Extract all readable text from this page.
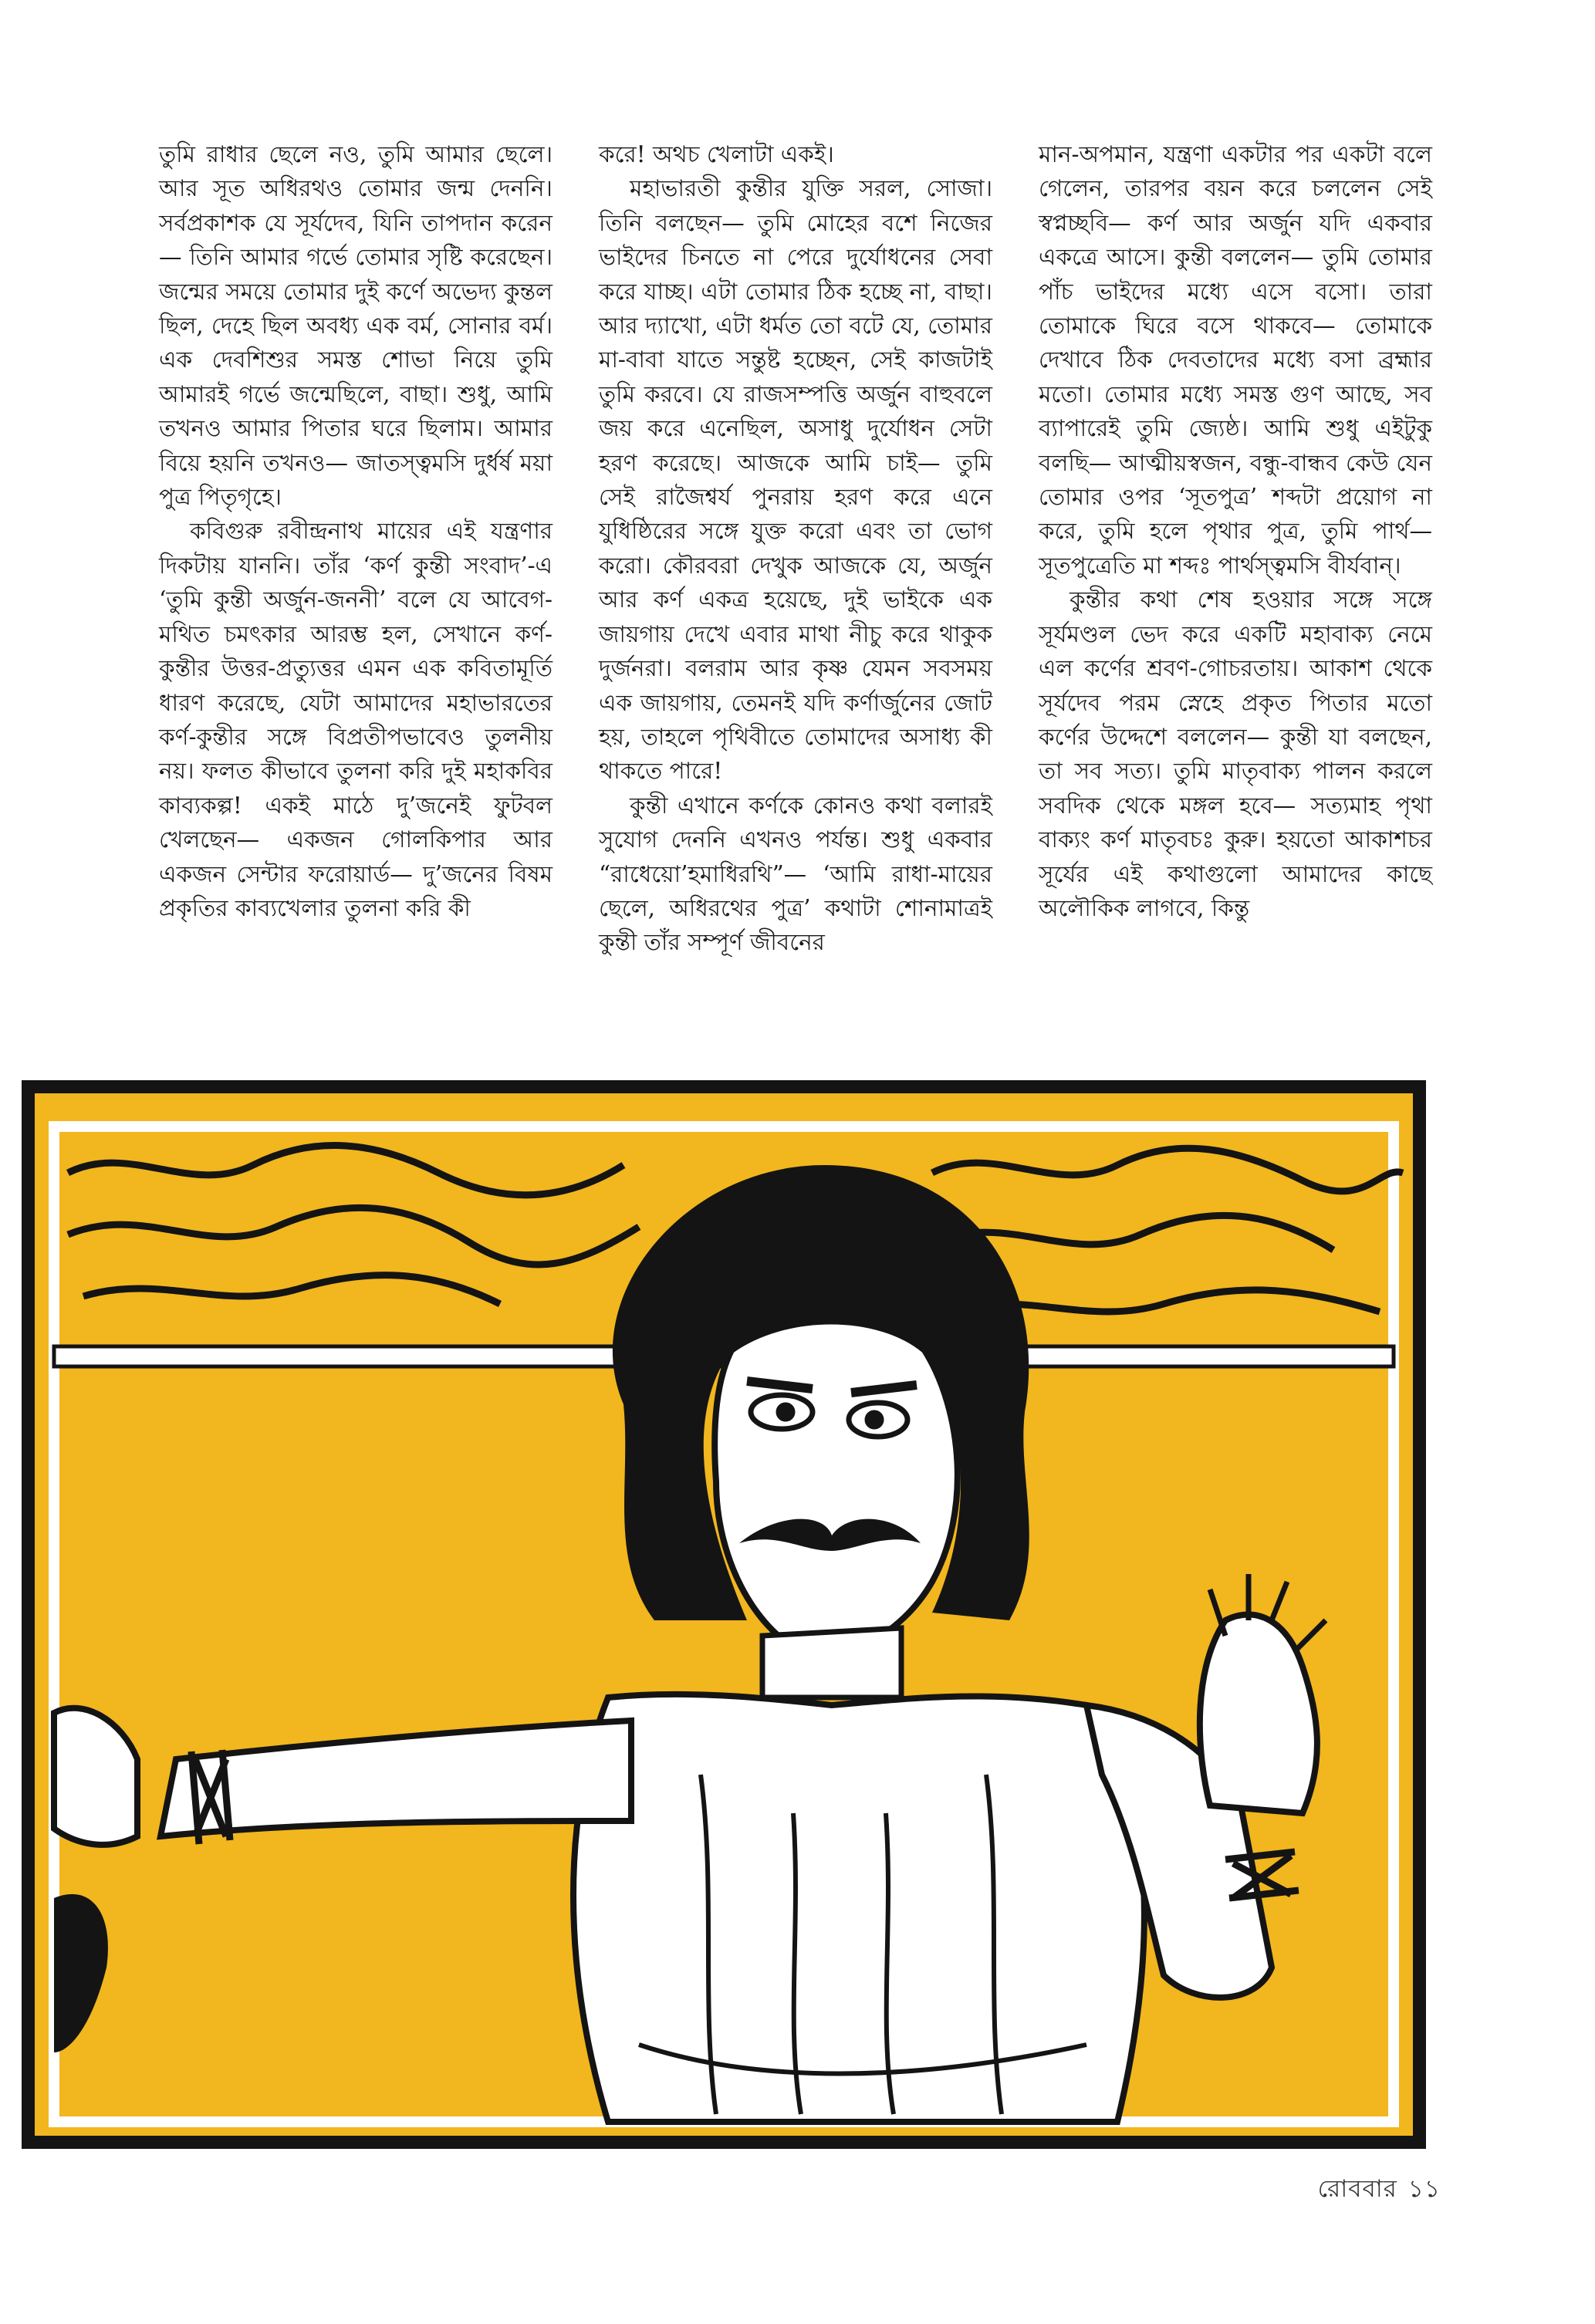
তুমি রাধার ছেলে নও, তুমি আমার ছেলে। আর সূত অধিরথও তোমার জন্ম দেননি। সর্বপ্রকাশক যে সূর্যদেব, যিনি তাপদান করেন— তিনি আমার গর্ভে তোমার সৃষ্টি করেছেন। জন্মের সময়ে তোমার দুই কর্ণে অভেদ্য কুন্তল ছিল, দেহে ছিল অবধ্য এক বর্ম, সোনার বর্ম। এক দেবশিশুর সমস্ত শোভা নিয়ে তুমি আমারই গর্ভে জন্মেছিলে, বাছা। শুধু, আমি তখনও আমার পিতার ঘরে ছিলাম। আমার বিয়ে হয়নি তখনও— জাতস্ত্বমসি দুর্ধর্ষ ময়া পুত্র পিতৃগৃহে।

কবিগুরু রবীন্দ্রনাথ মায়ের এই যন্ত্রণার দিকটায় যাননি। তাঁর ‘কর্ণ কুন্তী সংবাদ’-এ ‘তুমি কুন্তী অর্জুন-জননী’ বলে যে আবেগ-মথিত চমৎকার আরম্ভ হল, সেখানে কর্ণ-কুন্তীর উত্তর-প্রত্যুত্তর এমন এক কবিতামূর্তি ধারণ করেছে, যেটা আমাদের মহাভারতের কর্ণ-কুন্তীর সঙ্গে বিপ্রতীপভাবেও তুলনীয় নয়। ফলত কীভাবে তুলনা করি দুই মহাকবির কাব্যকল্প! একই মাঠে দু’জনেই ফুটবল খেলছেন— একজন গোলকিপার আর একজন সেন্টার ফরোয়ার্ড— দু’জনের বিষম প্রকৃতির কাব্যখেলার তুলনা করি কী

করে! অথচ খেলাটা একই।

মহাভারতী কুন্তীর যুক্তি সরল, সোজা। তিনি বলছেন— তুমি মোহের বশে নিজের ভাইদের চিনতে না পেরে দুর্যোধনের সেবা করে যাচ্ছ। এটা তোমার ঠিক হচ্ছে না, বাছা। আর দ্যাখো, এটা ধর্মত তো বটে যে, তোমার মা-বাবা যাতে সন্তুষ্ট হচ্ছেন, সেই কাজটাই তুমি করবে। যে রাজসম্পত্তি অর্জুন বাহুবলে জয় করে এনেছিল, অসাধু দুর্যোধন সেটা হরণ করেছে। আজকে আমি চাই— তুমি সেই রাজৈশ্বর্য পুনরায় হরণ করে এনে যুধিষ্ঠিরের সঙ্গে যুক্ত করো এবং তা ভোগ করো। কৌরবরা দেখুক আজকে যে, অর্জুন আর কর্ণ একত্র হয়েছে, দুই ভাইকে এক জায়গায় দেখে এবার মাথা নীচু করে থাকুক দুর্জনরা। বলরাম আর কৃষ্ণ যেমন সবসময় এক জায়গায়, তেমনই যদি কর্ণার্জুনের জোট হয়, তাহলে পৃথিবীতে তোমাদের অসাধ্য কী থাকতে পারে!

কুন্তী এখানে কর্ণকে কোনও কথা বলারই সুযোগ দেননি এখনও পর্যন্ত। শুধু একবার “রাধেয়ো’হমাধিরথি”— ‘আমি রাধা-মায়ের ছেলে, অধিরথের পুত্র’ কথাটা শোনামাত্রই কুন্তী তাঁর সম্পূর্ণ জীবনের

মান-অপমান, যন্ত্রণা একটার পর একটা বলে গেলেন, তারপর বয়ন করে চললেন সেই স্বপ্নচ্ছবি— কর্ণ আর অর্জুন যদি একবার একত্রে আসে। কুন্তী বললেন— তুমি তোমার পাঁচ ভাইদের মধ্যে এসে বসো। তারা তোমাকে ঘিরে বসে থাকবে— তোমাকে দেখাবে ঠিক দেবতাদের মধ্যে বসা ব্রহ্মার মতো। তোমার মধ্যে সমস্ত গুণ আছে, সব ব্যাপারেই তুমি জ্যেষ্ঠ। আমি শুধু এইটুকু বলছি— আত্মীয়স্বজন, বন্ধু-বান্ধব কেউ যেন তোমার ওপর ‘সূতপুত্র’ শব্দটা প্রয়োগ না করে, তুমি হলে পৃথার পুত্র, তুমি পার্থ— সূতপুত্রেতি মা শব্দঃ পার্থস্ত্বমসি বীর্যবান্।

কুন্তীর কথা শেষ হওয়ার সঙ্গে সঙ্গে সূর্যমণ্ডল ভেদ করে একটি মহাবাক্য নেমে এল কর্ণের শ্রবণ-গোচরতায়। আকাশ থেকে সূর্যদেব পরম স্নেহে প্রকৃত পিতার মতো কর্ণের উদ্দেশে বললেন— কুন্তী যা বলছেন, তা সব সত্য। তুমি মাতৃবাক্য পালন করলে সবদিক থেকে মঙ্গল হবে— সত্যমাহ পৃথা বাক্যং কর্ণ মাতৃবচঃ কুরু। হয়তো আকাশচর সূর্যের এই কথাগুলো আমাদের কাছে অলৌকিক লাগবে, কিন্তু

রোববার ১১
